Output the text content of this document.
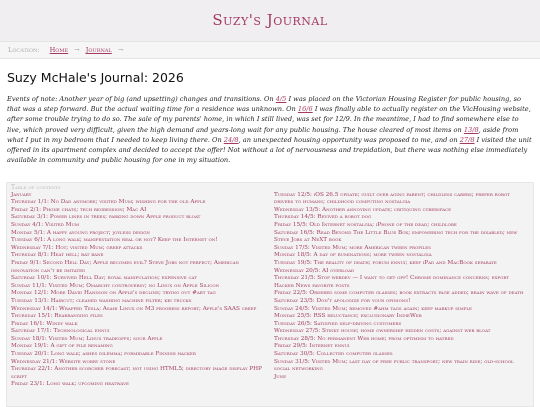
Suzy's Journal
Location: Home → Journal →
Suzy McHale's Journal: 2026
Events of note: Another year of big (and upsetting) changes and transitions. On 4/5 I was placed on the Victorian Housing Register for public housing, so that was a step forward. But the actual waiting time for a residence was unknown. On 16/6 I was finally able to actually register on the VicHousing website, after some trouble trying to do so. The sale of my parents' home, in which I still lived, was set for 12/9. In the meantime, I had to find somewhere else to live, which proved very difficult, given the high demand and years-long wait for any public housing. The house cleared of most items on 13/8, aside from what I put in my bedroom that I needed to keep living there. On 24/8, an unexpected housing opportunity was proposed to me, and on 27/8 I visited the unit offered in its apartment complex and decided to accept the offer! Not without a lot of nervousness and trepidation, but there was nothing else immediately available in community and public housing for one in my situation.
Table of contents
January
Thursday 1/1: No Dad anymore; visited Mum; wishing for the old Apple
Friday 2/1: Phone chats; tech regression; Mac AI
Saturday 3/1: Power lines in trees; parking down Apple product bloat
Sunday 4/1: Visited Mum
Monday 5/1: A happy ayoung project; joyless design
Tuesday 6/1: A long walk; manifestation real or not? Keep the Internet on!
Wednesday 7/1: Hot; visited Mum; greep attacks
Thursday 8/1: Heat hell; bat bane
Friday 9/1: Second Hell Day; Apple becomes evil? Steve Jobs not perfect; American innovation can't be imitated
Saturday 10/1: Survived Hell Day; royal manipulation; expensive cat
Sunday 11/1: Visited Mum; Omarchy controversy; no Linux on Apple Silicon
Monday 12/1: More David Hansson on Apple's decline; trying out #art tag
Tuesday 13/1: Haircut; cleaned washing machine filter; kei trucks
Wednesday 14/1: Wrapped Tesla; Asahi Linux on M3 progress report; Apple's SAAS creep
Thursday 15/1: Rearranging files
Friday 16/1: Windy walk
Saturday 17/1: Technological ennui
Sunday 18/1: Visited Mum; Linux tradeoffs; sour Apple
Monday 19/1: A gift of file renaming
Tuesday 20/1: Long walk; ashes dilemma; formidable Finnish hacker
Wednesday 21/1: Website worry stone
Thursday 22/1: Another scorcher forecast; not using HTML5; directory image display PHP script
Friday 23/1: Long walk; upcoming heatwave
Tuesday 12/5: iOS 26.5 update; guilt over aging parent; childless carers; prefer robot drivers to humans; childhood computing nostalgia
Wednesday 13/5: Another annoying update; critiquing cyberspace
Thursday 14/5: Revived a robot dog
Friday 15/5: Old Internet nostalgia; iPhone of the dead; childlore
Saturday 16/5: Read Beyond The Little Blue Box; empowering tech for the disabled; new Steve Jobs at NeXT book
Sunday 17/5: Visited Mum; more American tween profiles
Monday 18/5: A day of ruminations; more tween nostalgia
Tuesday 19/5: The reality of death; forum ennui; keep iPad and MacBook separate
Wednesday 20/5: AI overload
Thursday 21/5: Stop webdev — I want to get off! Chrome dominance concerns; export Hacker News favorite posts
Friday 22/5: Ordered some computer glasses; book extracts page added; brain wave of death
Saturday 23/5: Don't apologize for your opinions!
Sunday 24/5: Visited Mum; removed #ahm tags again; keep markup simple
Monday 25/5: RSS reluctance; exclusionary IndieWeb
Tuesday 26/5: Satisfied self-driving customers
Wednesday 27/5: Stinky house; home ownership hidden costs; against web bloat
Thursday 28/5: No permanent Web home; from optimism to hatred
Friday 29/5: Internet ennui
Saturday 30/5: Collected computer glasses
Sunday 31/5: Visited Mum; last day of free public transport; new train ride; old-school social networking
June
